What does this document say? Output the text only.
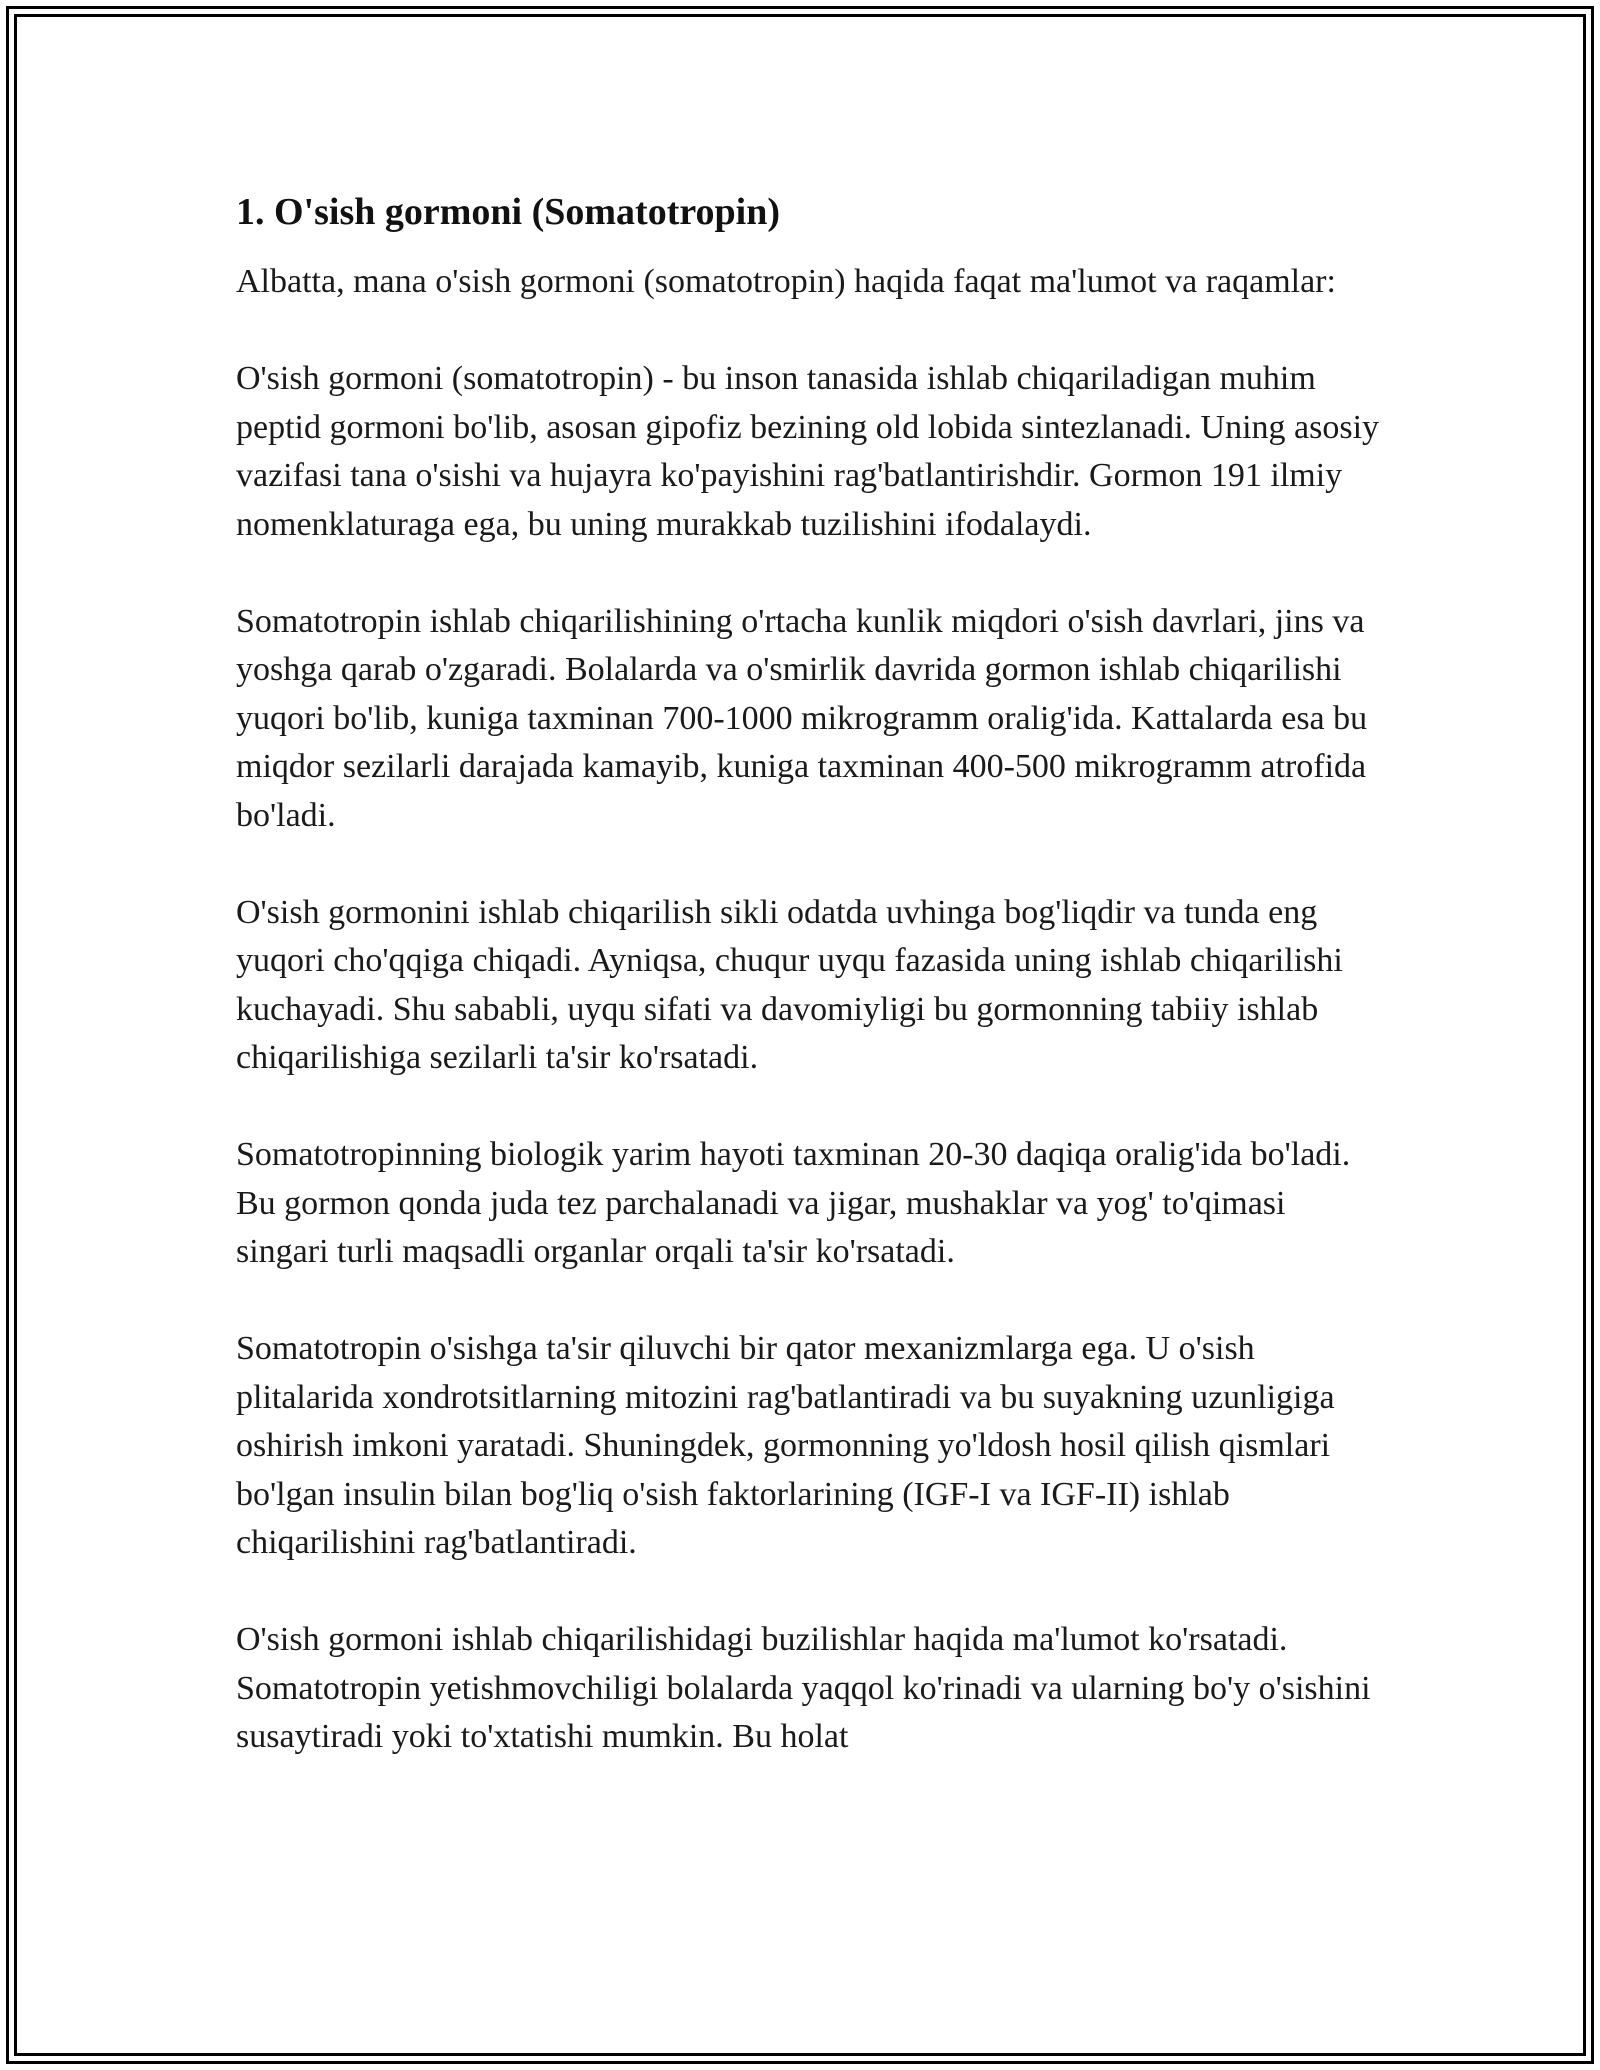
1. O'sish gormoni (Somatotropin)

Albatta, mana o'sish gormoni (somatotropin) haqida faqat ma'lumot va raqamlar:

O'sish gormoni (somatotropin) - bu inson tanasida ishlab chiqariladigan muhim peptid gormoni bo'lib, asosan gipofiz bezining old lobida sintezlanadi. Uning asosiy vazifasi tana o'sishi va hujayra ko'payishini rag'batlantirishdir. Gormon 191 ilmiy nomenklaturaga ega, bu uning murakkab tuzilishini ifodalaydi.

Somatotropin ishlab chiqarilishining o'rtacha kunlik miqdori o'sish davrlari, jins va yoshga qarab o'zgaradi. Bolalarda va o'smirlik davrida gormon ishlab chiqarilishi yuqori bo'lib, kuniga taxminan 700-1000 mikrogramm oralig'ida. Kattalarda esa bu miqdor sezilarli darajada kamayib, kuniga taxminan 400-500 mikrogramm atrofida bo'ladi.

O'sish gormonini ishlab chiqarilish sikli odatda uvhinga bog'liqdir va tunda eng yuqori cho'qqiga chiqadi. Ayniqsa, chuqur uyqu fazasida uning ishlab chiqarilishi kuchayadi. Shu sababli, uyqu sifati va davomiyligi bu gormonning tabiiy ishlab chiqarilishiga sezilarli ta'sir ko'rsatadi.

Somatotropinning biologik yarim hayoti taxminan 20-30 daqiqa oralig'ida bo'ladi. Bu gormon qonda juda tez parchalanadi va jigar, mushaklar va yog' to'qimasi singari turli maqsadli organlar orqali ta'sir ko'rsatadi.

Somatotropin o'sishga ta'sir qiluvchi bir qator mexanizmlarga ega. U o'sish plitalarida xondrotsitlarning mitozini rag'batlantiradi va bu suyakning uzunligiga oshirish imkoni yaratadi. Shuningdek, gormonning yo'ldosh hosil qilish qismlari bo'lgan insulin bilan bog'liq o'sish faktorlarining (IGF-I va IGF-II) ishlab chiqarilishini rag'batlantiradi.

O'sish gormoni ishlab chiqarilishidagi buzilishlar haqida ma'lumot ko'rsatadi. Somatotropin yetishmovchiligi bolalarda yaqqol ko'rinadi va ularning bo'y o'sishini susaytiradi yoki to'xtatishi mumkin. Bu holat
